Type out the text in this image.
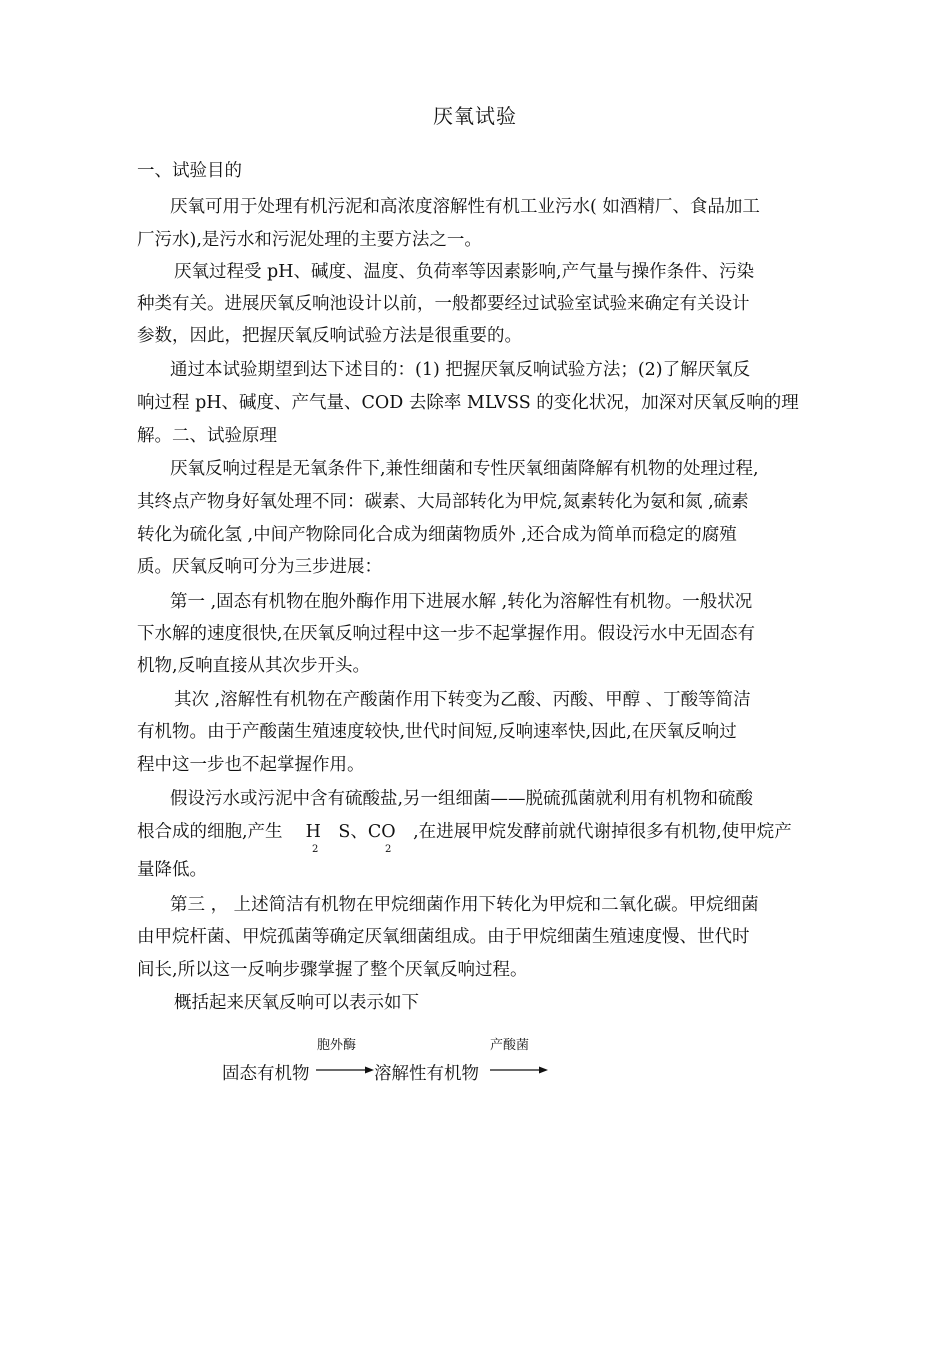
厌氧试验
一、试验目的
厌氧可用于处理有机污泥和高浓度溶解性有机工业污水( 如酒精厂、食品加工
厂污水),是污水和污泥处理的主要方法之一。
厌氧过程受 pH、碱度、温度、负荷率等因素影响,产气量与操作条件、污染
种类有关。进展厌氧反响池设计以前，一般都要经过试验室试验来确定有关设计
参数，因此，把握厌氧反响试验方法是很重要的。
通过本试验期望到达下述目的：(1) 把握厌氧反响试验方法；(2)了解厌氧反
响过程 pH、碱度、产气量、COD 去除率 MLVSS 的变化状况，加深对厌氧反响的理
解。二、试验原理
厌氧反响过程是无氧条件下,兼性细菌和专性厌氧细菌降解有机物的处理过程,
其终点产物身好氧处理不同：碳素、大局部转化为甲烷,氮素转化为氨和氮 ,硫素
转化为硫化氢 ,中间产物除同化合成为细菌物质外 ,还合成为简单而稳定的腐殖
质。厌氧反响可分为三步进展：
第一 ,固态有机物在胞外酶作用下进展水解 ,转化为溶解性有机物。一般状况
下水解的速度很快,在厌氧反响过程中这一步不起掌握作用。假设污水中无固态有
机物,反响直接从其次步开头。
其次 ,溶解性有机物在产酸菌作用下转变为乙酸、丙酸、甲醇 、丁酸等简洁
有机物。由于产酸菌生殖速度较快,世代时间短,反响速率快,因此,在厌氧反响过
程中这一步也不起掌握作用。
假设污水或污泥中含有硫酸盐,另一组细菌——脱硫孤菌就利用有机物和硫酸
根合成的细胞,产生　 H　S、CO　,在进展甲烷发酵前就代谢掉很多有机物,使甲烷产
2	2
量降低。
第三 ， 上述简洁有机物在甲烷细菌作用下转化为甲烷和二氧化碳。甲烷细菌
由甲烷杆菌、甲烷孤菌等确定厌氧细菌组成。由于甲烷细菌生殖速度慢、世代时
间长,所以这一反响步骤掌握了整个厌氧反响过程。
概括起来厌氧反响可以表示如下
胞外酶	产酸菌
固态有机物	溶解性有机物
